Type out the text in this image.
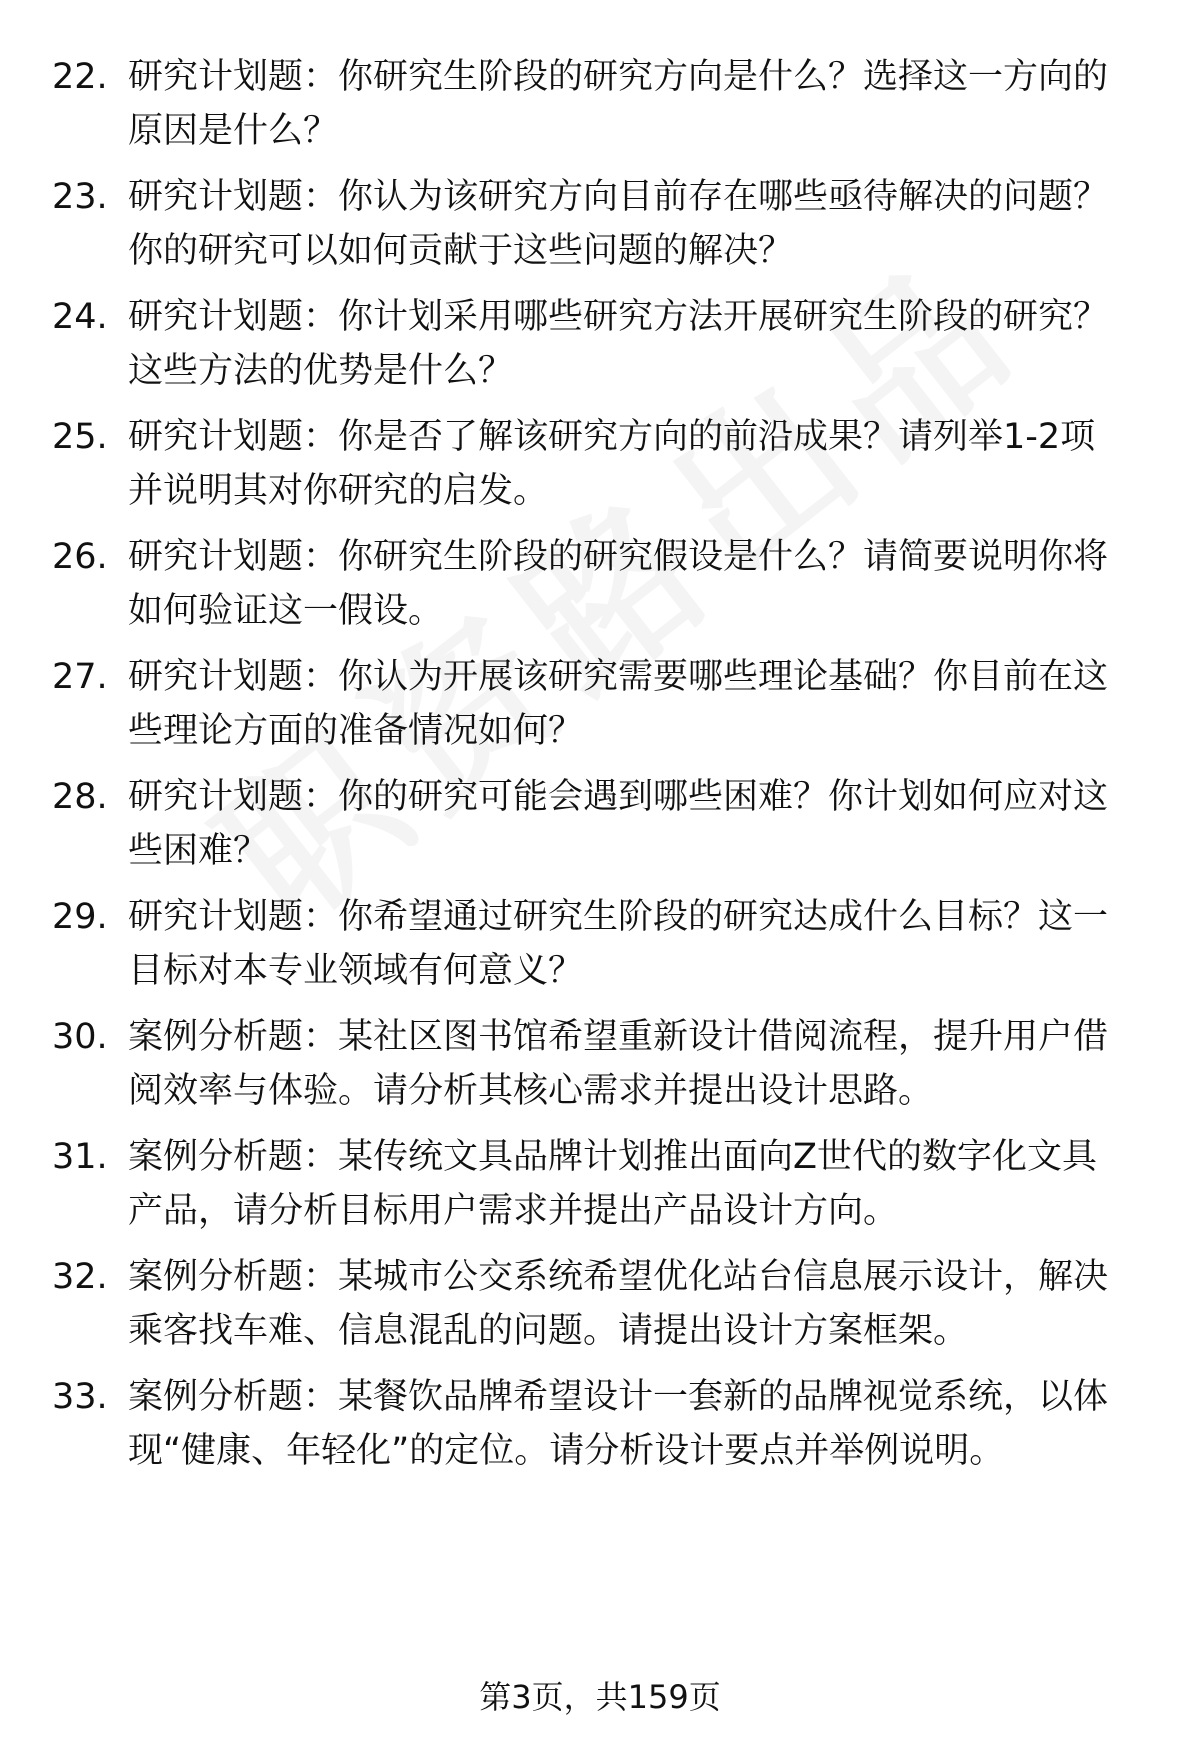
22. 研究计划题：你研究生阶段的研究方向是什么？选择这一方向的
原因是什么？
23. 研究计划题：你认为该研究方向目前存在哪些亟待解决的问题？
你的研究可以如何贡献于这些问题的解决？
24. 研究计划题：你计划采用哪些研究方法开展研究生阶段的研究？
这些方法的优势是什么？
25. 研究计划题：你是否了解该研究方向的前沿成果？请列举1-2项
并说明其对你研究的启发。
26. 研究计划题：你研究生阶段的研究假设是什么？请简要说明你将
如何验证这一假设。
27. 研究计划题：你认为开展该研究需要哪些理论基础？你目前在这
些理论方面的准备情况如何？
28. 研究计划题：你的研究可能会遇到哪些困难？你计划如何应对这
些困难？
29. 研究计划题：你希望通过研究生阶段的研究达成什么目标？这一
目标对本专业领域有何意义？
30. 案例分析题：某社区图书馆希望重新设计借阅流程，提升用户借
阅效率与体验。请分析其核心需求并提出设计思路。
31. 案例分析题：某传统文具品牌计划推出面向Z世代的数字化文具
产品，请分析目标用户需求并提出产品设计方向。
32. 案例分析题：某城市公交系统希望优化站台信息展示设计，解决
乘客找车难、信息混乱的问题。请提出设计方案框架。
33. 案例分析题：某餐饮品牌希望设计一套新的品牌视觉系统，以体
现“健康、年轻化”的定位。请分析设计要点并举例说明。
第3页，共159页
